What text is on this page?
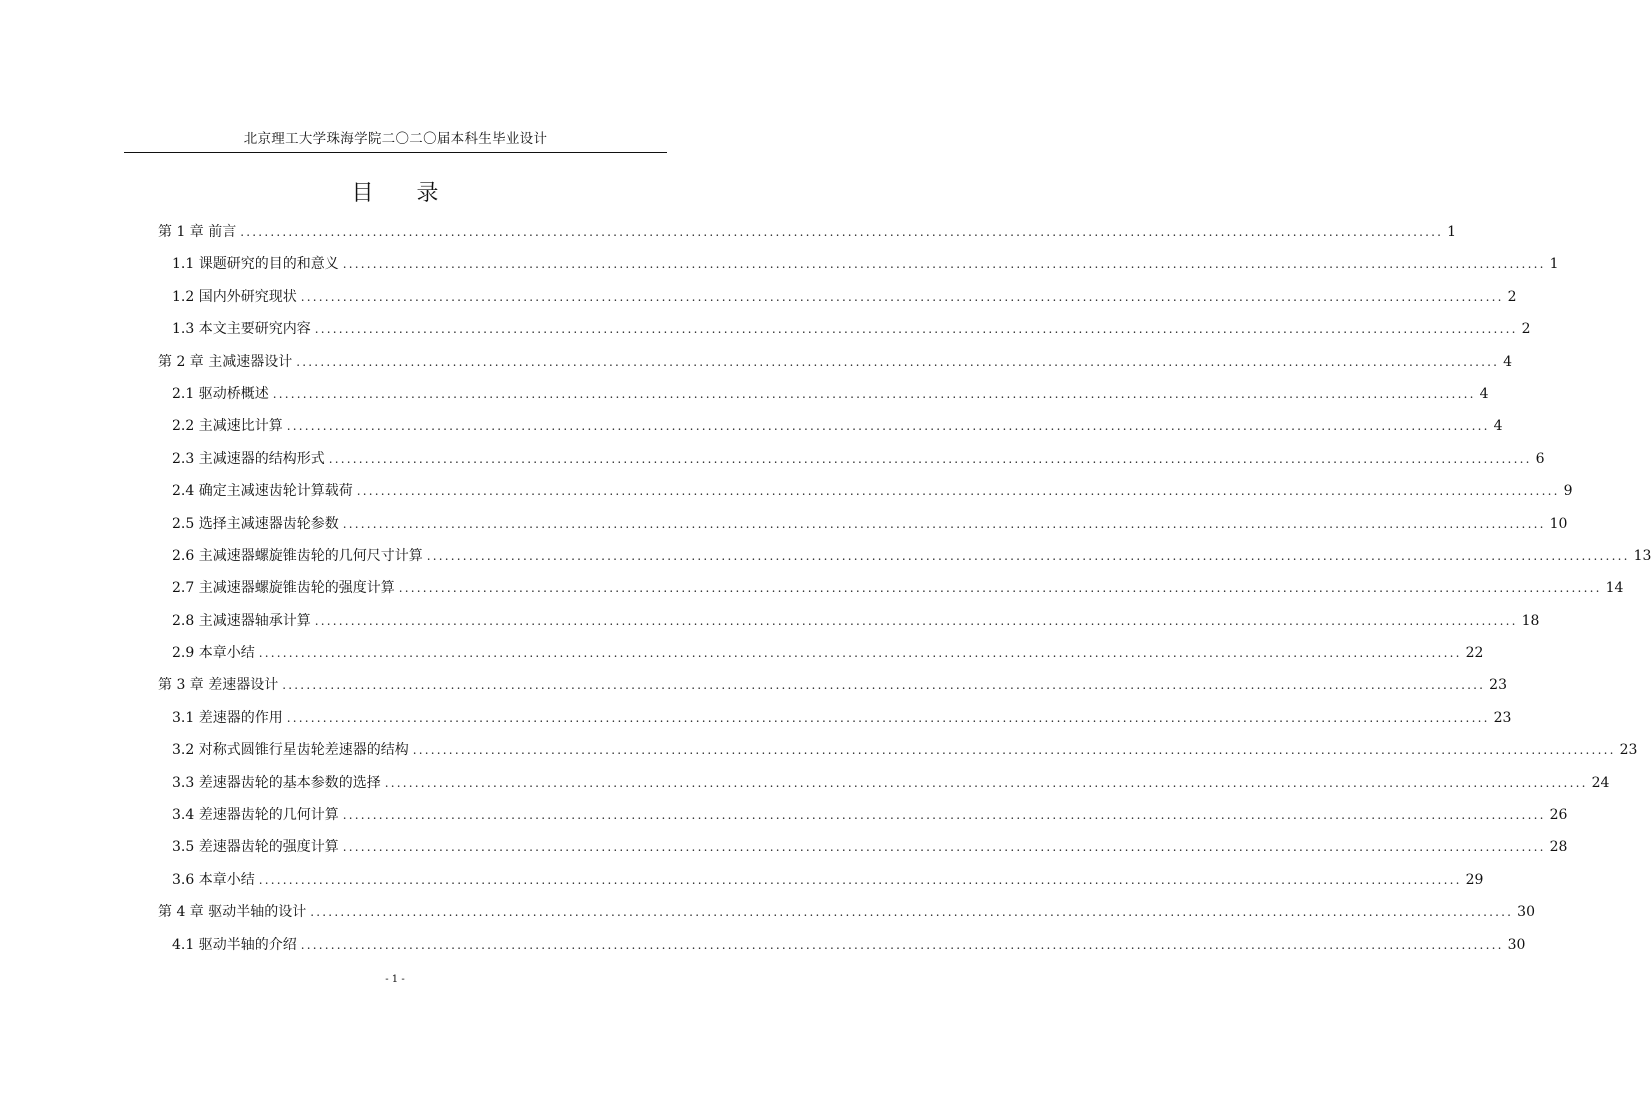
北京理工大学珠海学院二〇二〇届本科生毕业设计
目 录
第 1 章 前言 ........................................................................................................................................................................................................ 1
1.1 课题研究的目的和意义 ........................................................................................................................................................................................................ 1
1.2 国内外研究现状 ........................................................................................................................................................................................................ 2
1.3 本文主要研究内容 ........................................................................................................................................................................................................ 2
第 2 章 主减速器设计 ........................................................................................................................................................................................................ 4
2.1 驱动桥概述 ........................................................................................................................................................................................................ 4
2.2 主减速比计算 ........................................................................................................................................................................................................ 4
2.3 主减速器的结构形式 ........................................................................................................................................................................................................ 6
2.4 确定主减速齿轮计算载荷 ........................................................................................................................................................................................................ 9
2.5 选择主减速器齿轮参数 ........................................................................................................................................................................................................ 10
2.6 主减速器螺旋锥齿轮的几何尺寸计算 ........................................................................................................................................................................................................ 13
2.7 主减速器螺旋锥齿轮的强度计算 ........................................................................................................................................................................................................ 14
2.8 主减速器轴承计算 ........................................................................................................................................................................................................ 18
2.9 本章小结 ........................................................................................................................................................................................................ 22
第 3 章 差速器设计 ........................................................................................................................................................................................................ 23
3.1 差速器的作用 ........................................................................................................................................................................................................ 23
3.2 对称式圆锥行星齿轮差速器的结构 ........................................................................................................................................................................................................ 23
3.3 差速器齿轮的基本参数的选择 ........................................................................................................................................................................................................ 24
3.4 差速器齿轮的几何计算 ........................................................................................................................................................................................................ 26
3.5 差速器齿轮的强度计算 ........................................................................................................................................................................................................ 28
3.6 本章小结 ........................................................................................................................................................................................................ 29
第 4 章 驱动半轴的设计 ........................................................................................................................................................................................................ 30
4.1 驱动半轴的介绍 ........................................................................................................................................................................................................ 30
- 1 -
